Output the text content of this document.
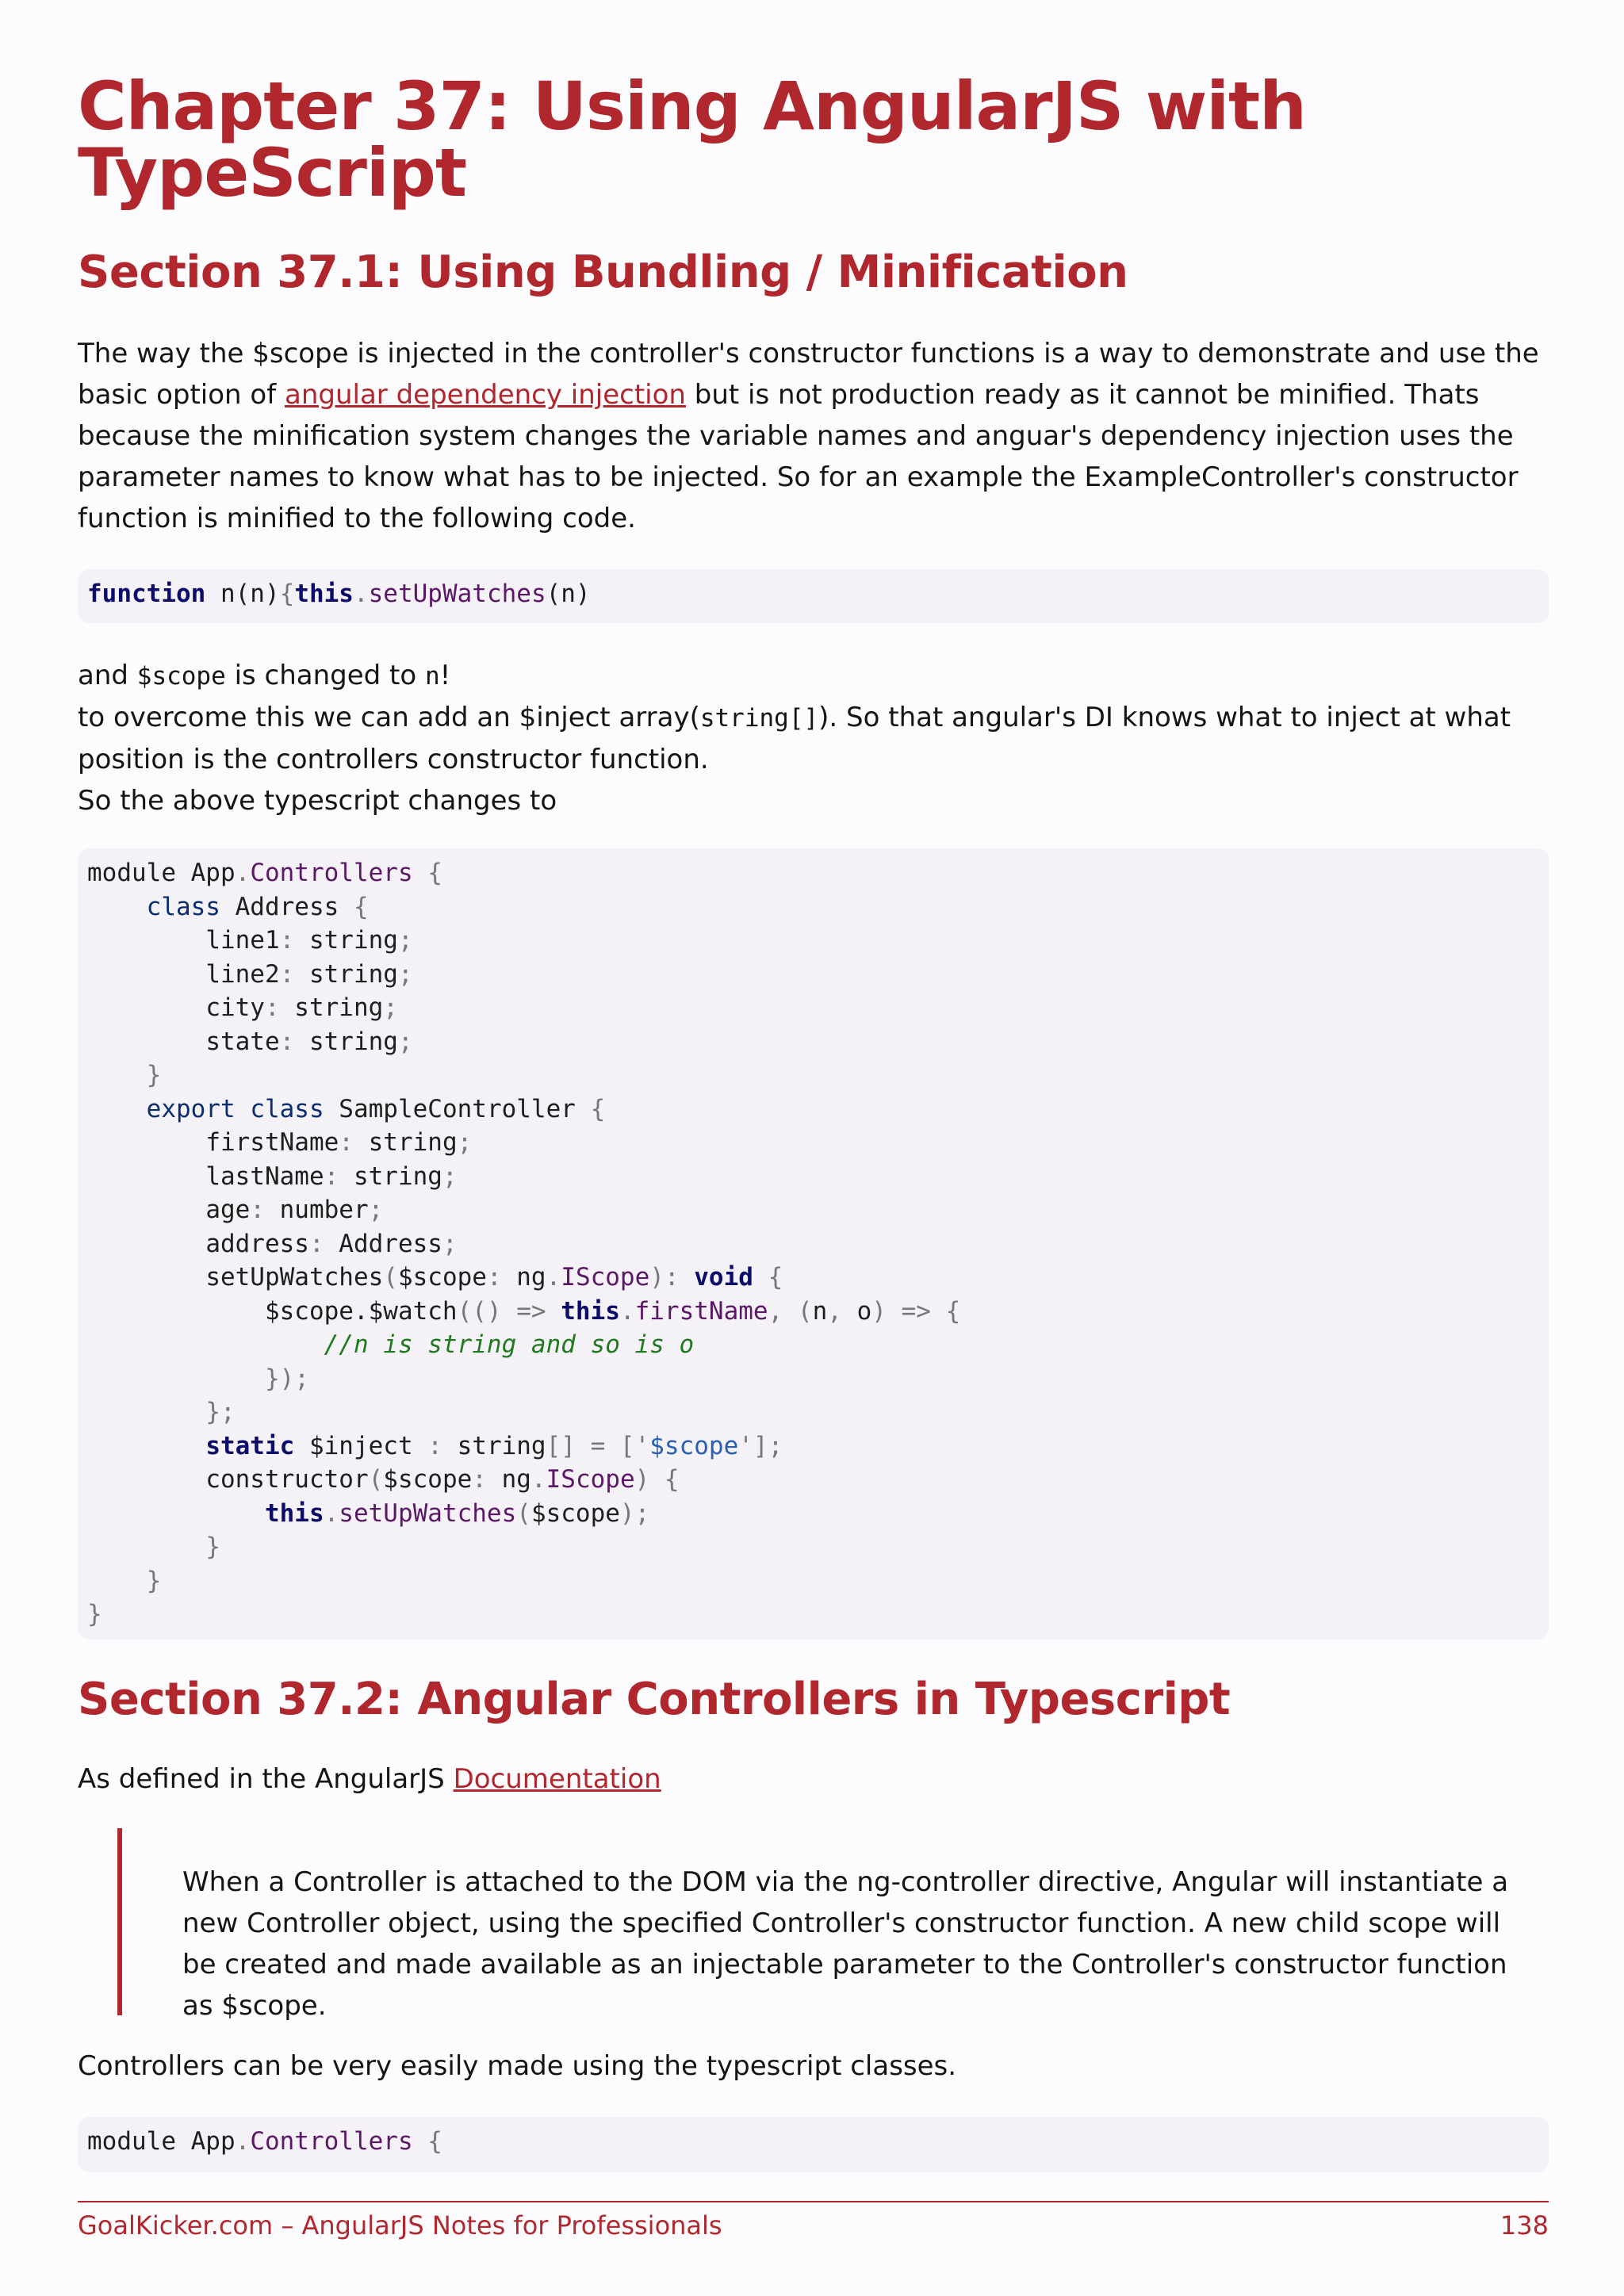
Chapter 37: Using AngularJS with TypeScript
Section 37.1: Using Bundling / Minification

The way the $scope is injected in the controller's constructor functions is a way to demonstrate and use the basic option of angular dependency injection but is not production ready as it cannot be minified. Thats because the minification system changes the variable names and anguar's dependency injection uses the parameter names to know what has to be injected. So for an example the ExampleController's constructor function is minified to the following code.

function n(n){this.setUpWatches(n)

and $scope is changed to n!
to overcome this we can add an $inject array(string[]). So that angular's DI knows what to inject at what position is the controllers constructor function.
So the above typescript changes to

module App.Controllers {
class Address {
line1: string;
line2: string;
city: string;
state: string;
}
export class SampleController {
firstName: string;
lastName: string;
age: number;
address: Address;
setUpWatches($scope: ng.IScope): void {
$scope.$watch(() => this.firstName, (n, o) => {
//n is string and so is o
});
};
static $inject : string[] = ['$scope'];
constructor($scope: ng.IScope) {
this.setUpWatches($scope);
}
}
}
Section 37.2: Angular Controllers in Typescript

As defined in the AngularJS Documentation

Controllers can be very easily made using the typescript classes.

module App.Controllers {

When a Controller is attached to the DOM via the ng-controller directive, Angular will instantiate a new Controller object, using the specified Controller's constructor function. A new child scope will be created and made available as an injectable parameter to the Controller's constructor function as $scope.

GoalKicker.com – AngularJS Notes for Professionals	138
